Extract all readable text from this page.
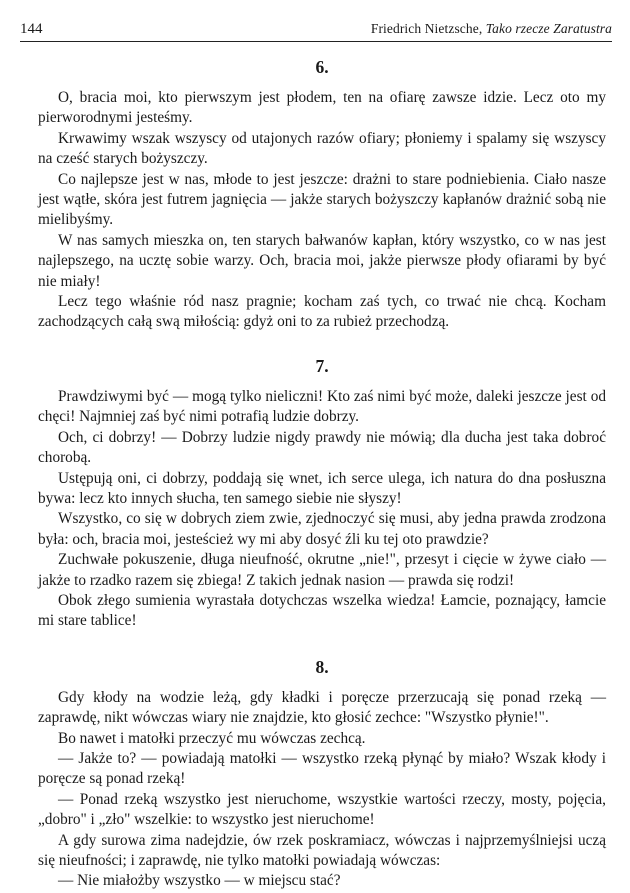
144	Friedrich Nietzsche, Tako rzecze Zaratustra
6.

O, bracia moi, kto pierwszym jest płodem, ten na ofiarę zawsze idzie. Lecz oto my pierworodnymi jesteśmy.

Krwawimy wszak wszyscy od utajonych razów ofiary; płoniemy i spalamy się wszyscy na cześć starych bożyszczy.

Co najlepsze jest w nas, młode to jest jeszcze: drażni to stare podniebienia. Ciało nasze jest wątłe, skóra jest futrem jagnięcia — jakże starych bożyszczy kapłanów drażnić sobą nie mielibyśmy.

W nas samych mieszka on, ten starych bałwanów kapłan, który wszystko, co w nas jest najlepszego, na ucztę sobie warzy. Och, bracia moi, jakże pierwsze płody ofiarami by być nie miały!

Lecz tego właśnie ród nasz pragnie; kocham zaś tych, co trwać nie chcą. Kocham zachodzących całą swą miłością: gdyż oni to za rubież przechodzą.

7.

Prawdziwymi być — mogą tylko nieliczni! Kto zaś nimi być może, daleki jeszcze jest od chęci! Najmniej zaś być nimi potrafią ludzie dobrzy.

Och, ci dobrzy! — Dobrzy ludzie nigdy prawdy nie mówią; dla ducha jest taka dobroć chorobą.

Ustępują oni, ci dobrzy, poddają się wnet, ich serce ulega, ich natura do dna posłuszna bywa: lecz kto innych słucha, ten samego siebie nie słyszy!

Wszystko, co się w dobrych ziem zwie, zjednoczyć się musi, aby jedna prawda zrodzona była: och, bracia moi, jesteścież wy mi aby dosyć źli ku tej oto prawdzie?

Zuchwałe pokuszenie, długa nieufność, okrutne „nie!", przesyt i cięcie w żywe ciało — jakże to rzadko razem się zbiega! Z takich jednak nasion — prawda się rodzi!

Obok złego sumienia wyrastała dotychczas wszelka wiedza! Łamcie, poznający, łamcie mi stare tablice!

8.

Gdy kłody na wodzie leżą, gdy kładki i poręcze przerzucają się ponad rzeką — zaprawdę, nikt wówczas wiary nie znajdzie, kto głosić zechce: "Wszystko płynie!".

Bo nawet i matołki przeczyć mu wówczas zechcą.

— Jakże to? — powiadają matołki — wszystko rzeką płynąć by miało? Wszak kłody i poręcze są ponad rzeką!

— Ponad rzeką wszystko jest nieruchome, wszystkie wartości rzeczy, mosty, pojęcia, „dobro" i „zło" wszelkie: to wszystko jest nieruchome!

A gdy surowa zima nadejdzie, ów rzek poskramiacz, wówczas i najprzemyślniejsi uczą się nieufności; i zaprawdę, nie tylko matołki powiadają wówczas:

— Nie miałożby wszystko — w miejscu stać?
